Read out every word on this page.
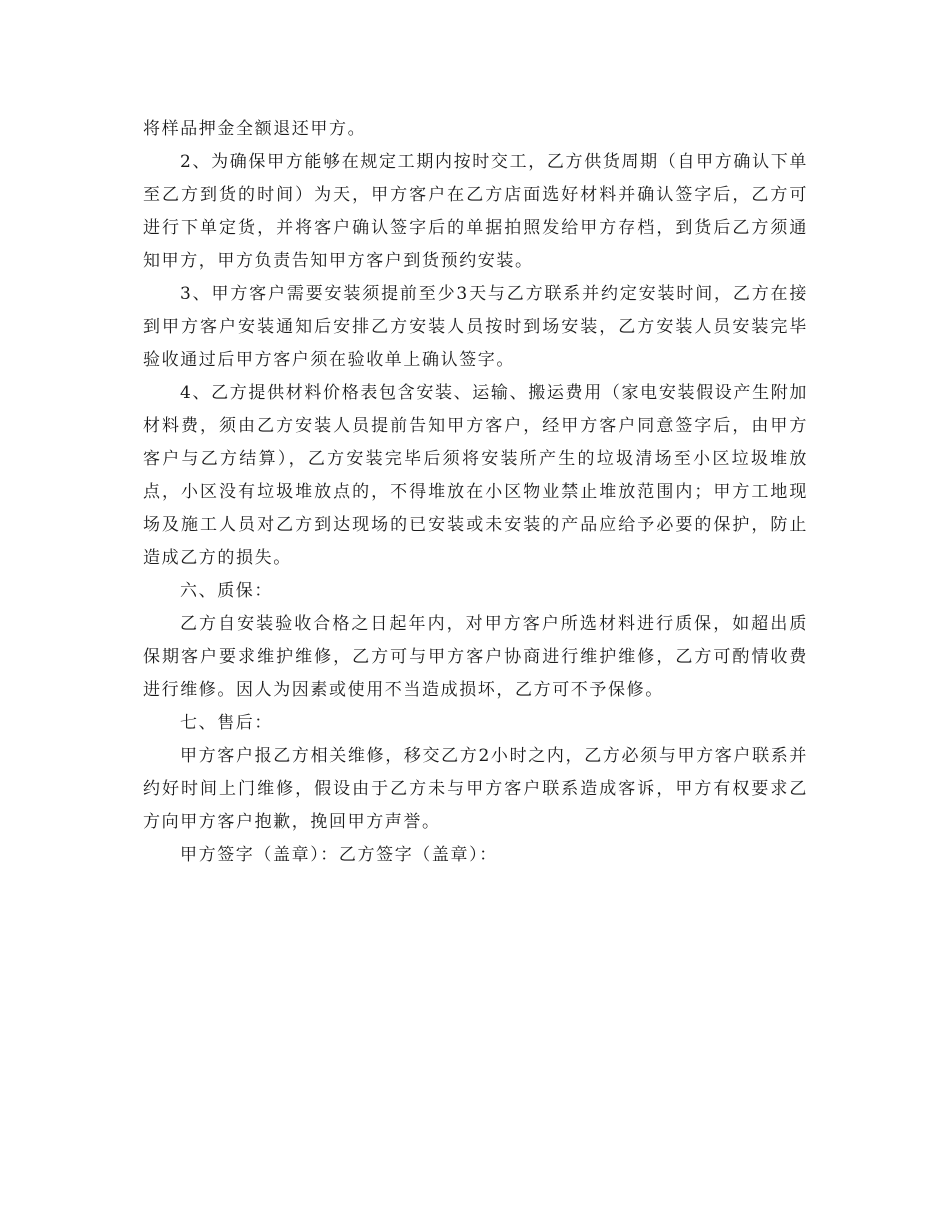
将样品押金全额退还甲方。

2、为确保甲方能够在规定工期内按时交工，乙方供货周期（自甲方确认下单至乙方到货的时间）为天，甲方客户在乙方店面选好材料并确认签字后，乙方可进行下单定货，并将客户确认签字后的单据拍照发给甲方存档，到货后乙方须通知甲方，甲方负责告知甲方客户到货预约安装。

3、甲方客户需要安装须提前至少3天与乙方联系并约定安装时间，乙方在接到甲方客户安装通知后安排乙方安装人员按时到场安装，乙方安装人员安装完毕验收通过后甲方客户须在验收单上确认签字。

4、乙方提供材料价格表包含安装、运输、搬运费用（家电安装假设产生附加材料费，须由乙方安装人员提前告知甲方客户，经甲方客户同意签字后，由甲方客户与乙方结算），乙方安装完毕后须将安装所产生的垃圾清场至小区垃圾堆放点，小区没有垃圾堆放点的，不得堆放在小区物业禁止堆放范围内；甲方工地现场及施工人员对乙方到达现场的已安装或未安装的产品应给予必要的保护，防止造成乙方的损失。

六、质保：

乙方自安装验收合格之日起年内，对甲方客户所选材料进行质保，如超出质保期客户要求维护维修，乙方可与甲方客户协商进行维护维修，乙方可酌情收费进行维修。因人为因素或使用不当造成损坏，乙方可不予保修。

七、售后：

甲方客户报乙方相关维修，移交乙方2小时之内，乙方必须与甲方客户联系并约好时间上门维修，假设由于乙方未与甲方客户联系造成客诉，甲方有权要求乙方向甲方客户抱歉，挽回甲方声誉。

甲方签字（盖章）：乙方签字（盖章）：
